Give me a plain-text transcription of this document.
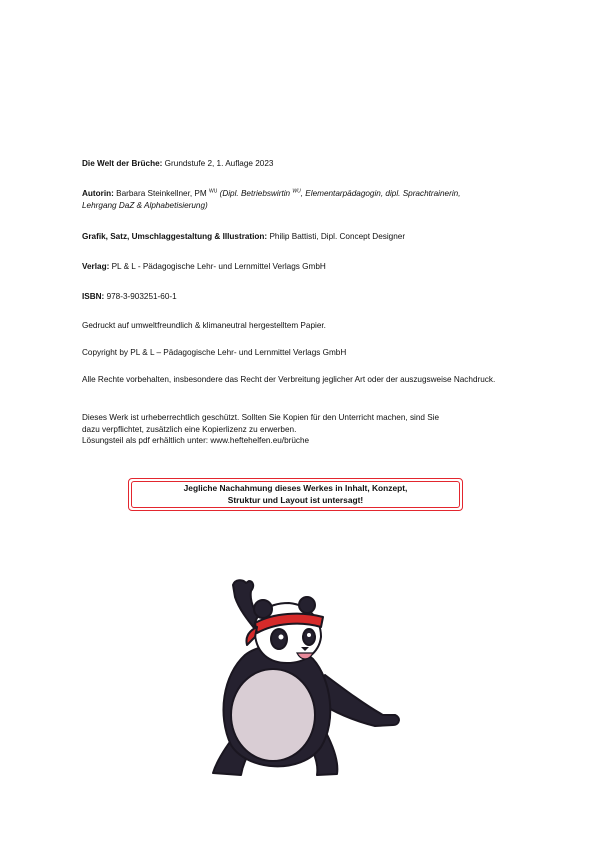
Die Welt der Brüche: Grundstufe 2, 1. Auflage 2023
Autorin: Barbara Steinkellner, PM $^{WU}$ (Dipl. Betriebswirtin $^{WU}$, Elementarpädagogin, dipl. Sprachtrainerin,
Lehrgang DaZ & Alphabetisierung)
Grafik, Satz, Umschlaggestaltung & Illustration: Philip Battisti, Dipl. Concept Designer
Verlag: PL & L - Pädagogische Lehr- und Lernmittel Verlags GmbH
ISBN: 978-3-903251-60-1
Gedruckt auf umweltfreundlich & klimaneutral hergestelltem Papier.
Copyright by PL & L – Pädagogische Lehr- und Lernmittel Verlags GmbH
Alle Rechte vorbehalten, insbesondere das Recht der Verbreitung jeglicher Art oder der auszugsweise Nachdruck.
Dieses Werk ist urheberrechtlich geschützt. Sollten Sie Kopien für den Unterricht machen, sind Sie
dazu verpflichtet, zusätzlich eine Kopierlizenz zu erwerben.
Lösungsteil als pdf erhältlich unter: www.heftehelfen.eu/brüche
Jegliche Nachahmung dieses Werkes in Inhalt, Konzept,
Struktur und Layout ist untersagt!
